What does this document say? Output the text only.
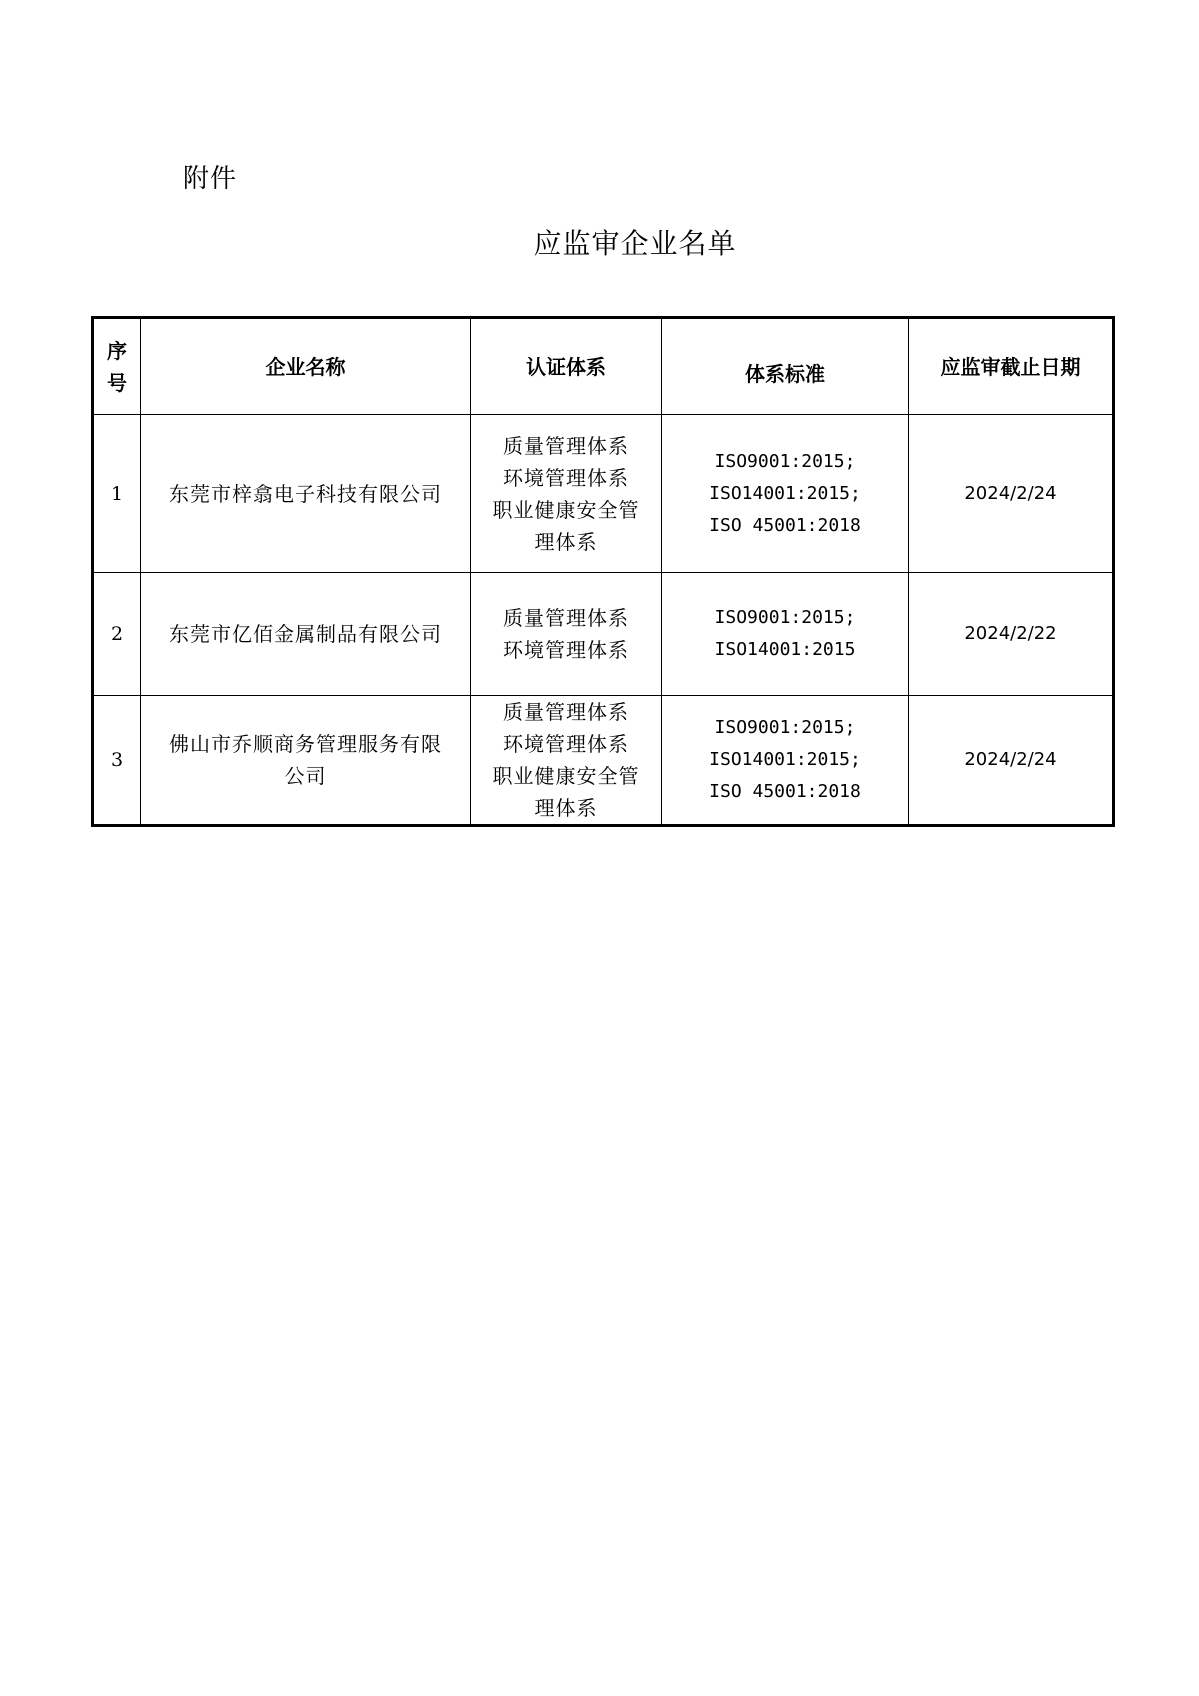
附件
应监审企业名单
序
号	企业名称	认证体系	体系标准	应监审截止日期
1	东莞市梓翕电子科技有限公司	质量管理体系
环境管理体系
职业健康安全管
理体系	ISO9001:2015;
ISO14001:2015;
ISO 45001:2018	2024/2/24
2	东莞市亿佰金属制品有限公司	质量管理体系
环境管理体系	ISO9001:2015;
ISO14001:2015	2024/2/22
3	佛山市乔顺商务管理服务有限
公司	质量管理体系
环境管理体系
职业健康安全管
理体系	ISO9001:2015;
ISO14001:2015;
ISO 45001:2018	2024/2/24
